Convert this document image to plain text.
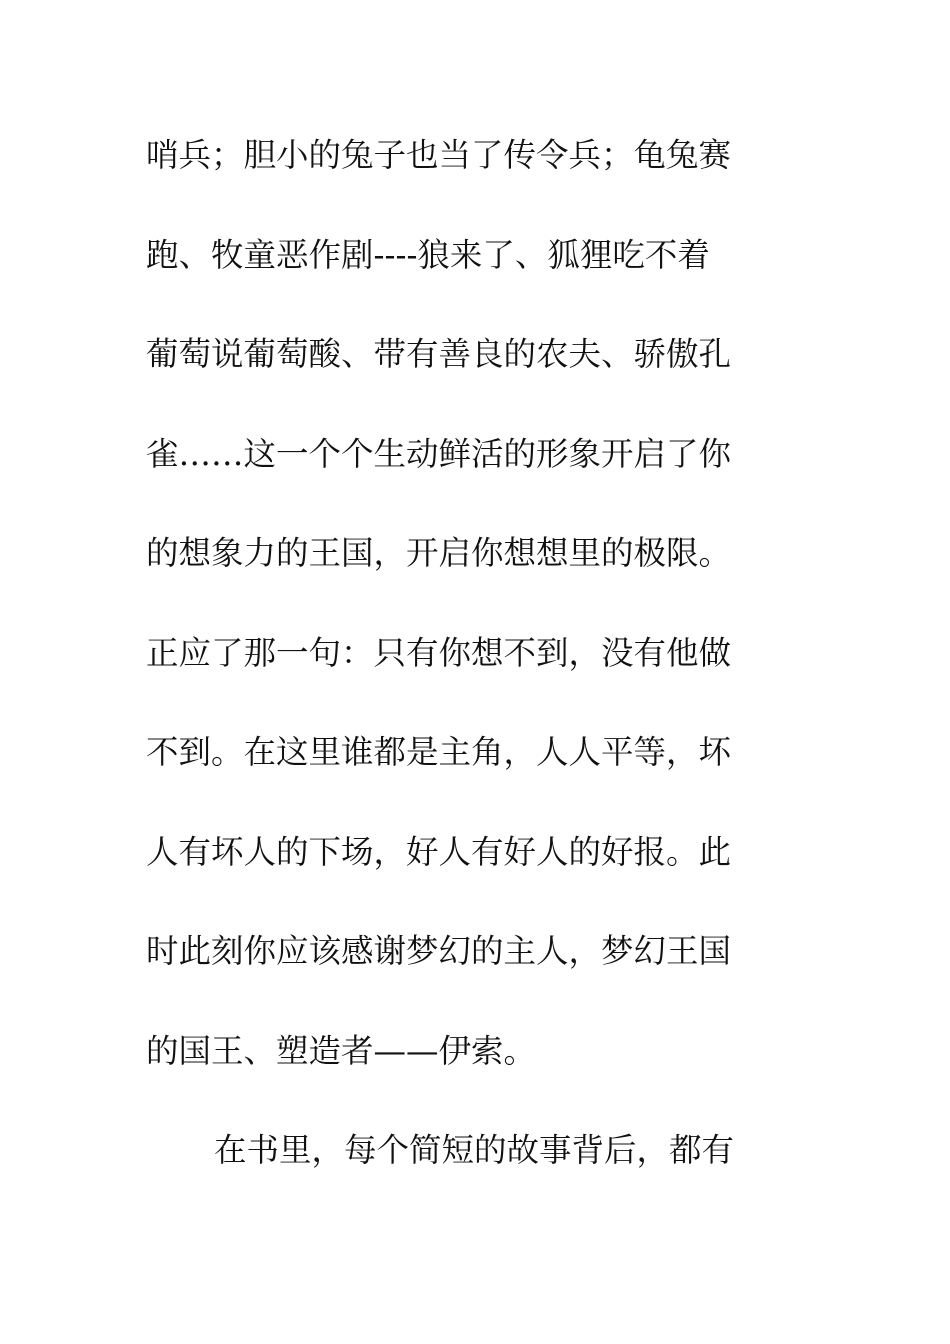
哨兵；胆小的兔子也当了传令兵；龟兔赛
跑、牧童恶作剧----狼来了、狐狸吃不着
葡萄说葡萄酸、带有善良的农夫、骄傲孔
雀……这一个个生动鲜活的形象开启了你
的想象力的王国，开启你想想里的极限。
正应了那一句：只有你想不到，没有他做
不到。在这里谁都是主角，人人平等，坏
人有坏人的下场，好人有好人的好报。此
时此刻你应该感谢梦幻的主人，梦幻王国
的国王、塑造者——伊索。
在书里，每个简短的故事背后，都有
